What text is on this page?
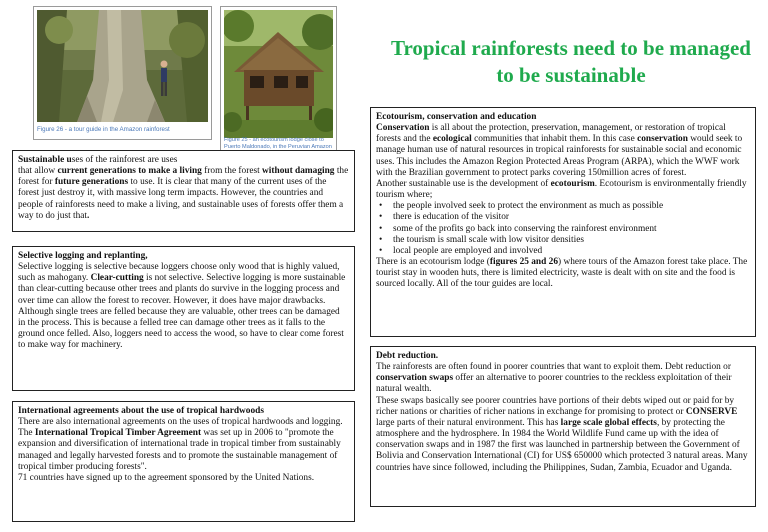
Figure 26 - a tour guide in the Amazon rainforest
Figure 25 - an ecotourism lodge close to Puerto Maldonado, in the Peruvian Amazon
Tropical rainforests need to be managed to be sustainable

Sustainable uses of the rainforest are uses
that allow current generations to make a living from the forest without damaging the forest for future generations to use. It is clear that many of the current uses of the forest just destroy it, with massive long term impacts. However, the countries and people of rainforests need to make a living, and sustainable uses of forests offer them a way to do just that.

Selective logging and replanting,

Selective logging is selective because loggers choose only wood that is highly valued, such as mahogany. Clear-cutting is not selective. Selective logging is more sustainable than clear-cutting because other trees and plants do survive in the logging process and over time can allow the forest to recover. However, it does have major drawbacks. Although single trees are felled because they are valuable, other trees can be damaged in the process. This is because a felled tree can damage other trees as it falls to the ground once felled. Also, loggers need to access the wood, so have to clear come forest to make way for machinery.

International agreements about the use of tropical hardwoods

There are also international agreements on the uses of tropical hardwoods and logging. The International Tropical Timber Agreement was set up in 2006 to "promote the expansion and diversification of international trade in tropical timber from sustainably managed and legally harvested forests and to promote the sustainable management of tropical timber producing forests".

71 countries have signed up to the agreement sponsored by the United Nations.

Ecotourism, conservation and education

Conservation is all about the protection, preservation, management, or restoration of tropical forests and the ecological communities that inhabit them. In this case conservation would seek to manage human use of natural resources in tropical rainforests for sustainable social and economic uses. This includes the Amazon Region Protected Areas Program (ARPA), which the WWF work with the Brazilian government to protect parks covering 150million acres of forest.

Another sustainable use is the development of ecotourism. Ecotourism is environmentally friendly tourism where;

• the people involved seek to protect the environment as much as possible
• there is education of the visitor
• some of the profits go back into conserving the rainforest environment
• the tourism is small scale with low visitor densities
• local people are employed and involved

There is an ecotourism lodge (figures 25 and 26) where tours of the Amazon forest take place. The tourist stay in wooden huts, there is limited electricity, waste is dealt with on site and the food is sourced locally. All of the tour guides are local.

Debt reduction.

The rainforests are often found in poorer countries that want to exploit them. Debt reduction or conservation swaps offer an alternative to poorer countries to the reckless exploitation of their natural wealth.

These swaps basically see poorer countries have portions of their debts wiped out or paid for by richer nations or charities of richer nations in exchange for promising to protect or CONSERVE large parts of their natural environment. This has large scale global effects, by protecting the atmosphere and the hydrosphere. In 1984 the World Wildlife Fund came up with the idea of conservation swaps and in 1987 the first was launched in partnership between the Government of Bolivia and Conservation International (CI) for US$ 650000 which protected 3 natural areas. Many countries have since followed, including the Philippines, Sudan, Zambia, Ecuador and Uganda.
